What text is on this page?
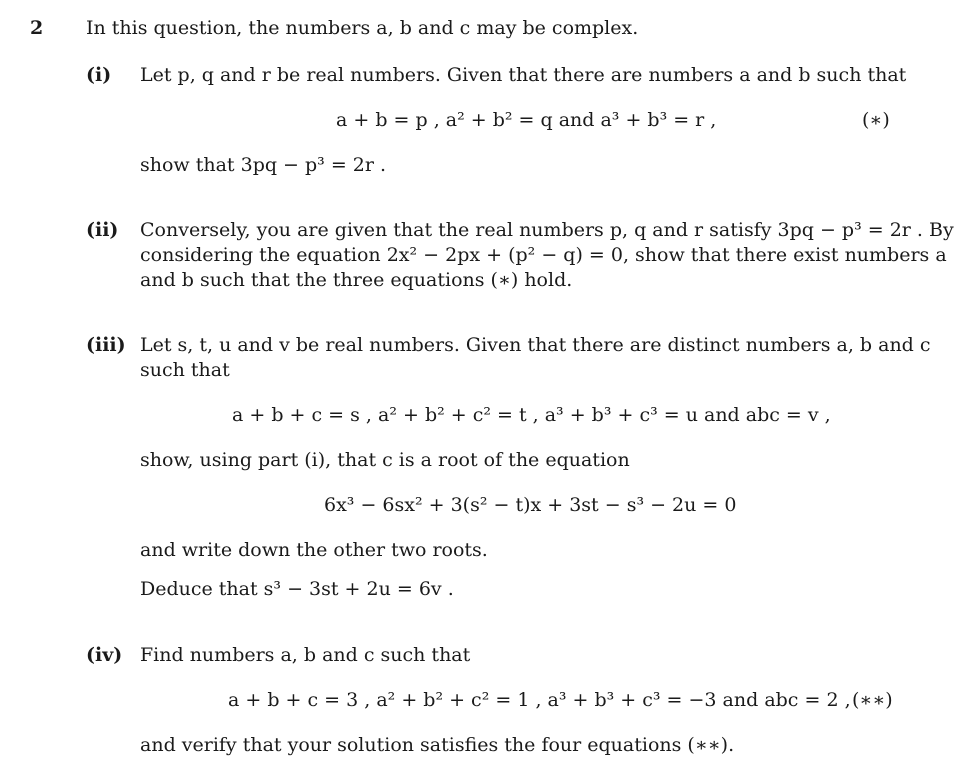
2 In this question, the numbers a, b and c may be complex.
(i) Let p, q and r be real numbers. Given that there are numbers a and b such that
a + b = p , a² + b² = q and a³ + b³ = r ,	(∗)
show that 3pq − p³ = 2r .
(ii) Conversely, you are given that the real numbers p, q and r satisfy 3pq − p³ = 2r . By
considering the equation 2x² − 2px + (p² − q) = 0, show that there exist numbers a
and b such that the three equations (∗) hold.
(iii) Let s, t, u and v be real numbers. Given that there are distinct numbers a, b and c
such that
a + b + c = s , a² + b² + c² = t , a³ + b³ + c³ = u and abc = v ,
show, using part (i), that c is a root of the equation
6x³ − 6sx² + 3(s² − t)x + 3st − s³ − 2u = 0
and write down the other two roots.
Deduce that s³ − 3st + 2u = 6v .
(iv) Find numbers a, b and c such that
a + b + c = 3 , a² + b² + c² = 1 , a³ + b³ + c³ = −3 and abc = 2 , (∗∗)
and verify that your solution satisfies the four equations (∗∗).
